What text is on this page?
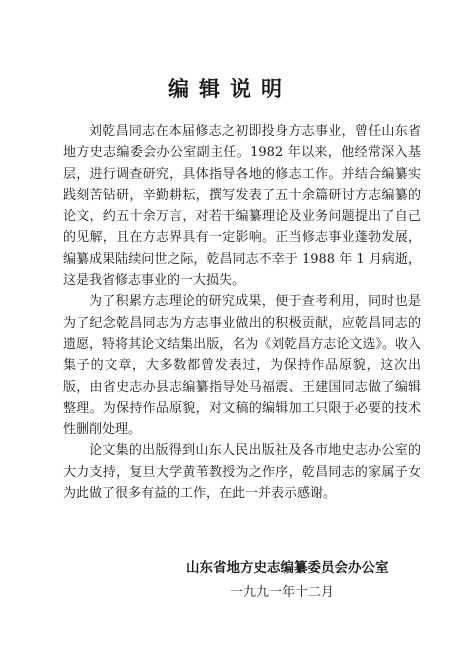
编辑说明

刘乾昌同志在本届修志之初即投身方志事业，曾任山东省地方史志编委会办公室副主任。1982 年以来，他经常深入基层，进行调查研究，具体指导各地的修志工作。并结合编纂实践刻苦钻研，辛勤耕耘，撰写发表了五十余篇研讨方志编纂的论文，约五十余万言，对若干编纂理论及业务问题提出了自己的见解，且在方志界具有一定影响。正当修志事业蓬勃发展，编纂成果陆续问世之际，乾昌同志不幸于 1988 年 1 月病逝，这是我省修志事业的一大损失。

为了积累方志理论的研究成果，便于查考利用，同时也是为了纪念乾昌同志为方志事业做出的积极贡献，应乾昌同志的遗愿，特将其论文结集出版，名为《刘乾昌方志论文选》。收入集子的文章，大多数都曾发表过，为保持作品原貌，这次出版，由省史志办县志编纂指导处马福震、王建国同志做了编辑整理。为保持作品原貌，对文稿的编辑加工只限于必要的技术性删削处理。

论文集的出版得到山东人民出版社及各市地史志办公室的大力支持，复旦大学黄苇教授为之作序，乾昌同志的家属子女为此做了很多有益的工作，在此一并表示感谢。

山东省地方史志编纂委员会办公室
一九九一年十二月
